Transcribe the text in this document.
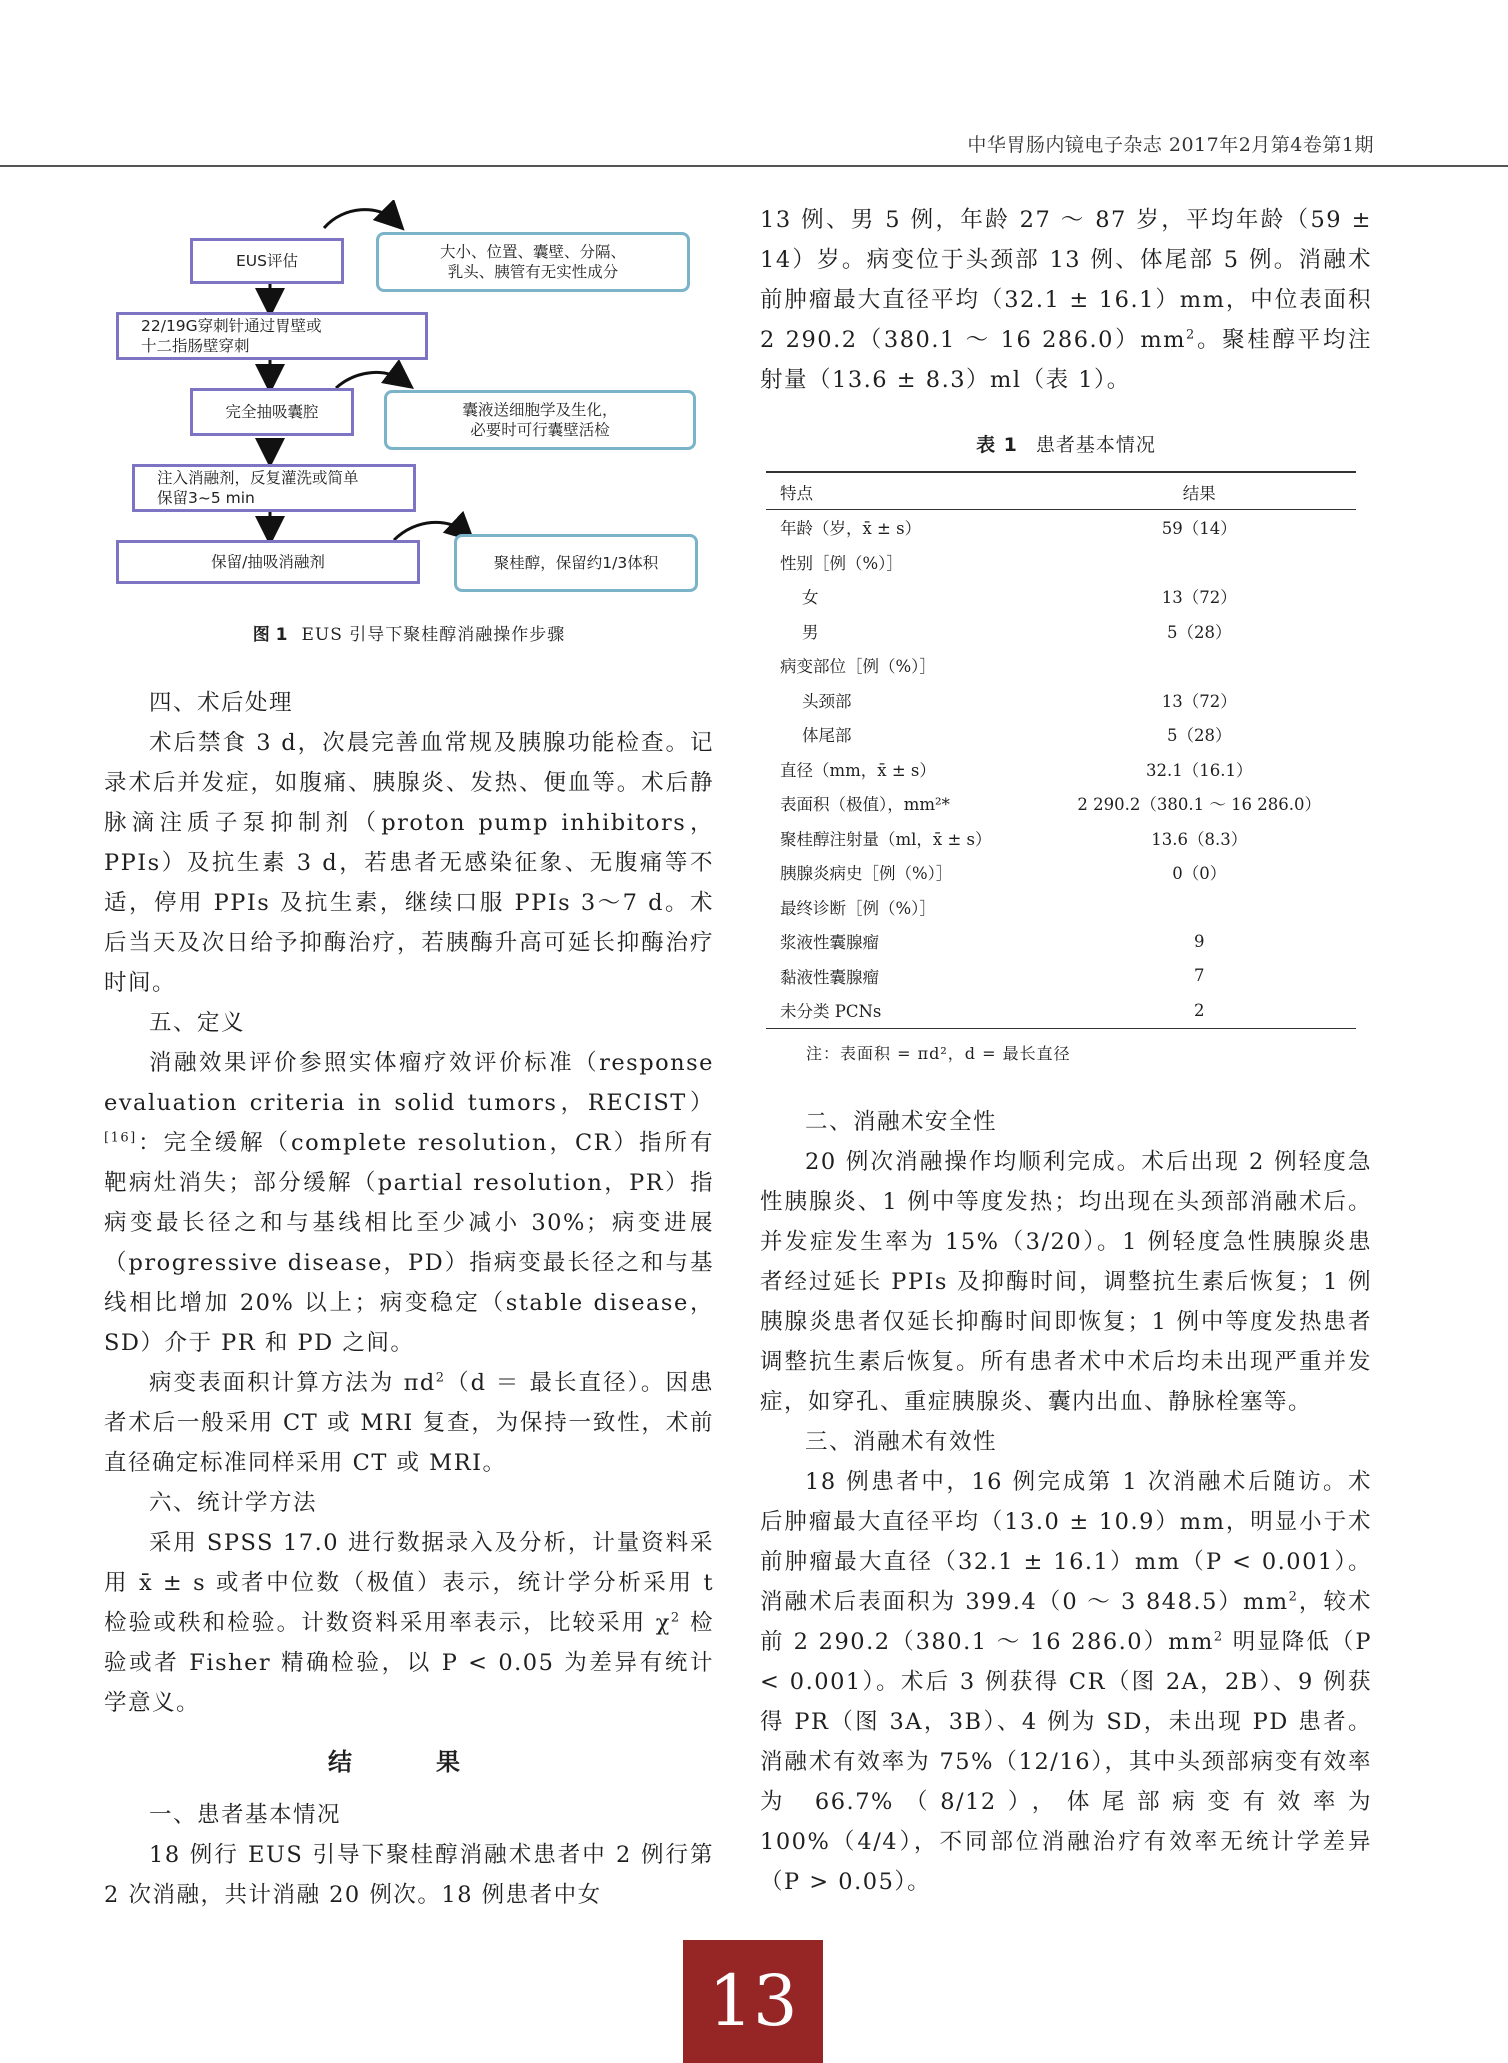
中华胃肠内镜电子杂志 2017年2月第4卷第1期
EUS评估	大小、位置、囊壁、分隔、
乳头、胰管有无实性成分
22/19G穿刺针通过胃壁或
十二指肠壁穿刺
完全抽吸囊腔	囊液送细胞学及生化，
必要时可行囊壁活检
注入消融剂，反复灌洗或简单
保留3~5 min
保留/抽吸消融剂	聚桂醇，保留约1/3体积
图 1 EUS 引导下聚桂醇消融操作步骤
四、术后处理

术后禁食 3 d，次晨完善血常规及胰腺功能检查。记录术后并发症，如腹痛、胰腺炎、发热、便血等。术后静脉滴注质子泵抑制剂（proton pump inhibitors，PPIs）及抗生素 3 d，若患者无感染征象、无腹痛等不适，停用 PPIs 及抗生素，继续口服 PPIs 3～7 d。术后当天及次日给予抑酶治疗，若胰酶升高可延长抑酶治疗时间。

五、定义

消融效果评价参照实体瘤疗效评价标准（response evaluation criteria in solid tumors，RECIST）[16]：完全缓解（complete resolution，CR）指所有靶病灶消失；部分缓解（partial resolution，PR）指病变最长径之和与基线相比至少减小 30%；病变进展（progressive disease，PD）指病变最长径之和与基线相比增加 20% 以上；病变稳定（stable disease，SD）介于 PR 和 PD 之间。

病变表面积计算方法为 $\pi d^2(d$ ＝ 最长直径）。因患者术后一般采用 CT 或 MRI 复查，为保持一致性，术前直径确定标准同样采用 CT 或 MRI。

六、统计学方法

采用 SPSS 17.0 进行数据录入及分析，计量资料采用 x̄ ± s 或者中位数（极值）表示，统计学分析采用 t 检验或秩和检验。计数资料采用率表示，比较采用 $\chi^2$ 检验或者 Fisher 精确检验，以 P < 0.05 为差异有统计学意义。

结　果
一、患者基本情况

18 例行 EUS 引导下聚桂醇消融术患者中 2 例行第 2 次消融，共计消融 20 例次。18 例患者中女

13 例、男 5 例，年龄 27 ～ 87 岁，平均年龄（59 ± 14）岁。病变位于头颈部 13 例、体尾部 5 例。消融术前肿瘤最大直径平均（32.1 ± 16.1）mm，中位表面积 2 290.2（380.1 ～ 16 $286.0)mm^2$。聚桂醇平均注射量（13.6 ± 8.3）ml（表 1）。

表 1 患者基本情况
特点	结果
年龄（岁，x̄ ± s）	59（14）
性别［例（%）］	
女	13（72）
男	5（28）
病变部位［例（%）］	
头颈部	13（72）
体尾部	5（28）
直径（mm，x̄ ± s）	32.1（16.1）
表面积（极值），mm²*	2 290.2（380.1 ～ 16 286.0）
聚桂醇注射量（ml，x̄ ± s）	13.6（8.3）
胰腺炎病史［例（%）］	0（0）
最终诊断［例（%）］	
浆液性囊腺瘤	9
黏液性囊腺瘤	7
未分类 PCNs	2
注：表面积 = πd²，d = 最长直径
二、消融术安全性

20 例次消融操作均顺利完成。术后出现 2 例轻度急性胰腺炎、1 例中等度发热；均出现在头颈部消融术后。并发症发生率为 15%（3/20）。1 例轻度急性胰腺炎患者经过延长 PPIs 及抑酶时间，调整抗生素后恢复；1 例胰腺炎患者仅延长抑酶时间即恢复；1 例中等度发热患者调整抗生素后恢复。所有患者术中术后均未出现严重并发症，如穿孔、重症胰腺炎、囊内出血、静脉栓塞等。

三、消融术有效性

18 例患者中，16 例完成第 1 次消融术后随访。术后肿瘤最大直径平均（13.0 ± 10.9）mm，明显小于术前肿瘤最大直径（32.1 ± 16.1）mm（P < 0.001）。消融术后表面积为 399.4（0 ～ 3 $848.5)mm^2$，较术前 2 290.2（380.1 ～ 16 $286.0)mm^2$ 明显降低（P < 0.001）。术后 3 例获得 CR（图 2A，2B）、9 例获得 PR（图 3A，3B）、4 例为 SD，未出现 PD 患者。消融术有效率为 75%（12/16），其中头颈部病变有效率为 66.7%（8/12），体尾部病变有效率为 100%（4/4），不同部位消融治疗有效率无统计学差异（P > 0.05）。

13
